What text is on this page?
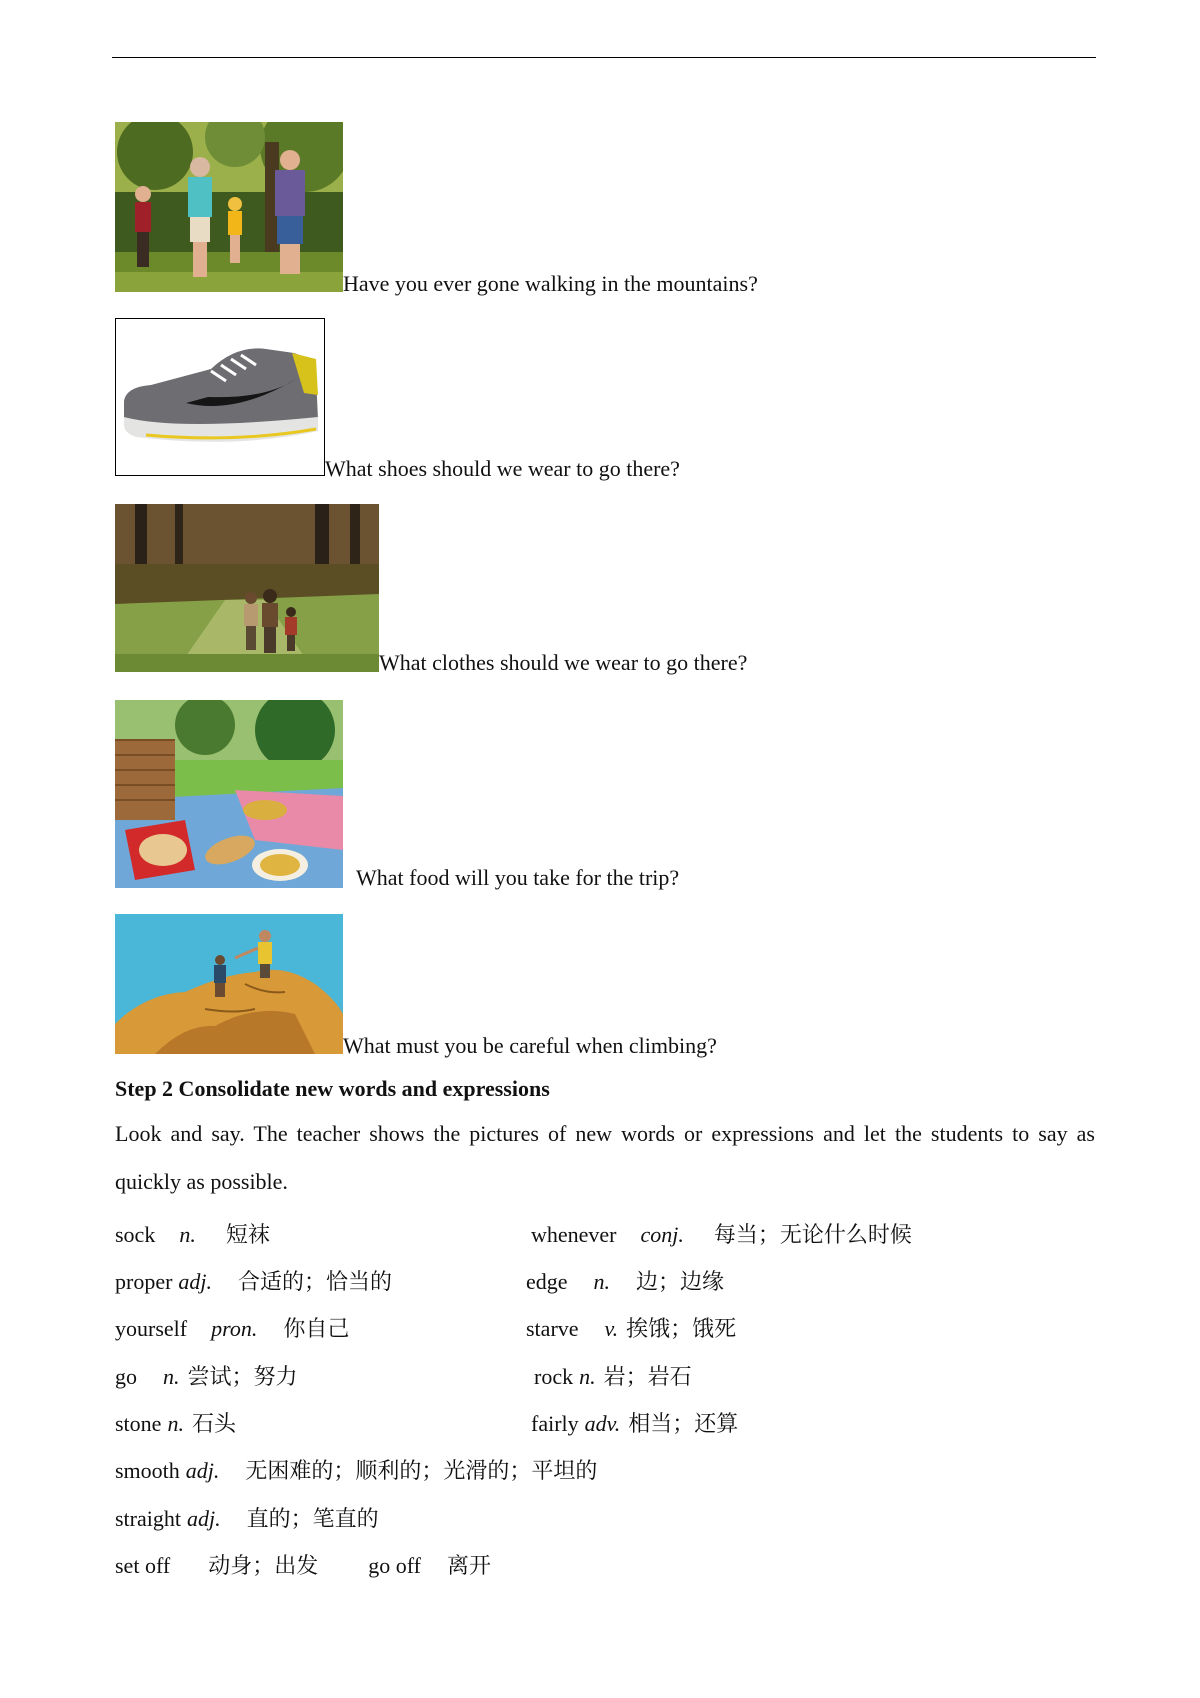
Have you ever gone walking in the mountains?
What shoes should we wear to go there?
What clothes should we wear to go there?
What food will you take for the trip?
What must you be careful when climbing?
Step 2 Consolidate new words and expressions
Look and say. The teacher shows the pictures of new words or expressions and let the students to say as quickly as possible.
sock n. 短袜	whenever conj. 每当；无论什么时候
proper adj. 合适的；恰当的	edge n. 边；边缘
yourself pron. 你自己	starve v. 挨饿；饿死
go n. 尝试；努力	rock n. 岩；岩石
stone n. 石头	fairly adv. 相当；还算
smooth adj. 无困难的；顺利的；光滑的；平坦的
straight adj. 直的；笔直的
set off 动身；出发 go off 离开
